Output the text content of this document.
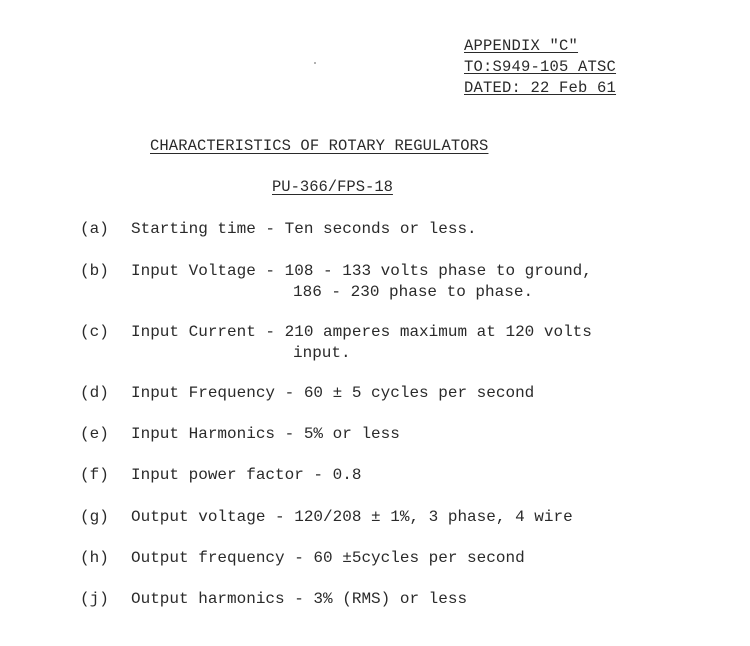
APPENDIX "C"
TO:S949-105 ATSC
DATED: 22 Feb 61
CHARACTERISTICS OF ROTARY REGULATORS
PU-366/FPS-18
(a) Starting time - Ten seconds or less.
(b) Input Voltage - 108 - 133 volts phase to ground,
186 - 230 phase to phase.
(c) Input Current - 210 amperes maximum at 120 volts
input.
(d) Input Frequency - 60 ± 5 cycles per second
(e) Input Harmonics - 5% or less
(f) Input power factor - 0.8
(g) Output voltage - 120/208 ± 1%, 3 phase, 4 wire
(h) Output frequency - 60 ±5cycles per second
(j) Output harmonics - 3% (RMS) or less
